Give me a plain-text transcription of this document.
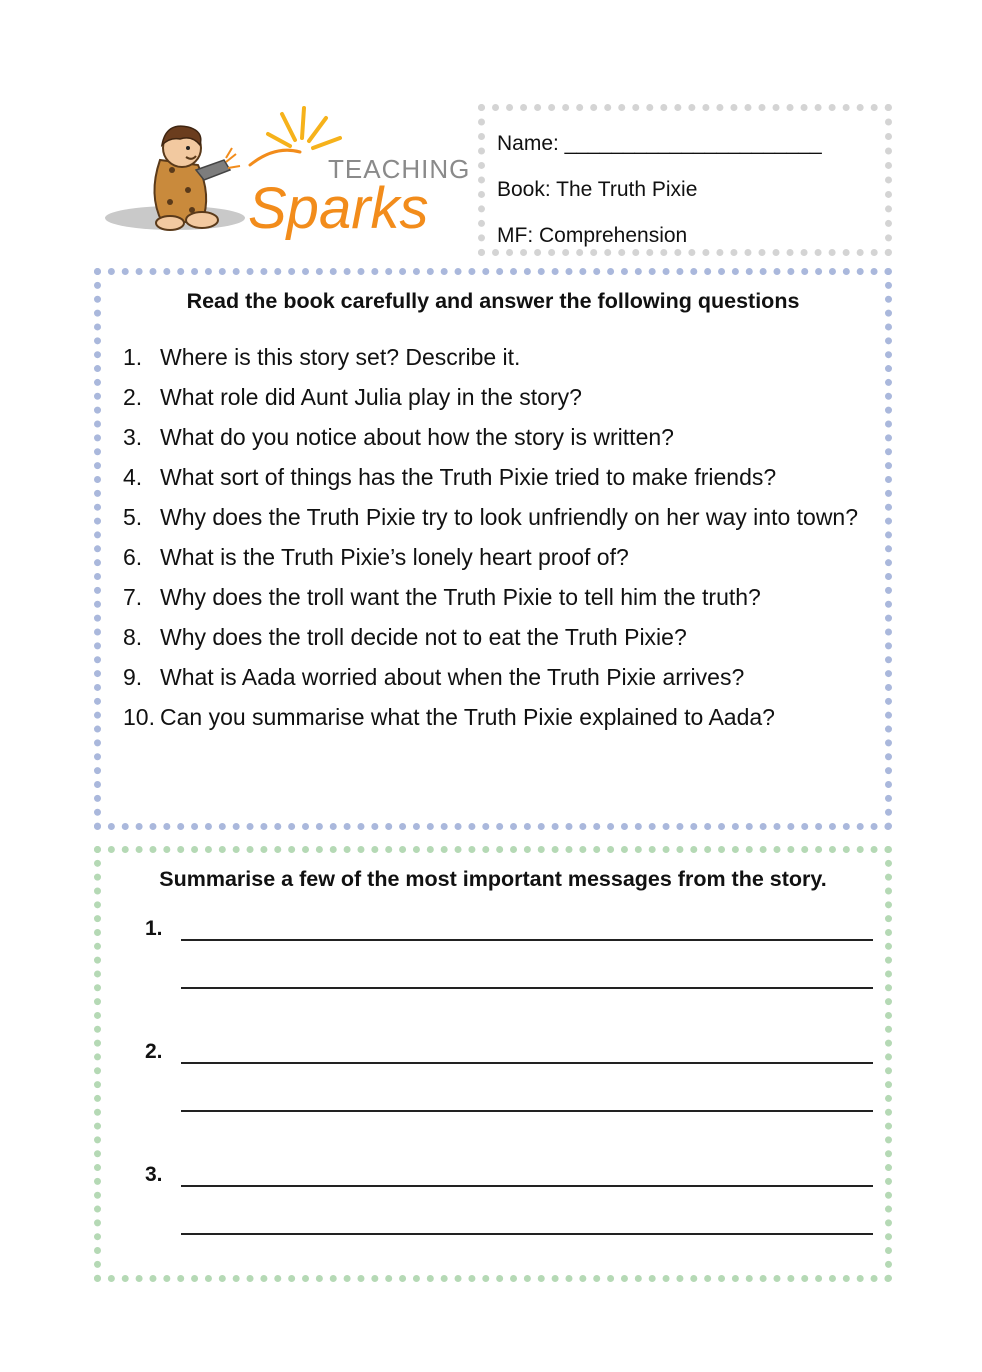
TEACHING
Sparks
Name: ______________________
Book: The Truth Pixie
MF: Comprehension
Read the book carefully and answer the following questions
1. Where is this story set? Describe it.
2. What role did Aunt Julia play in the story?
3. What do you notice about how the story is written?
4. What sort of things has the Truth Pixie tried to make friends?
5. Why does the Truth Pixie try to look unfriendly on her way into town?
6. What is the Truth Pixie’s lonely heart proof of?
7. Why does the troll want the Truth Pixie to tell him the truth?
8. Why does the troll decide not to eat the Truth Pixie?
9. What is Aada worried about when the Truth Pixie arrives?
10. Can you summarise what the Truth Pixie explained to Aada?
Summarise a few of the most important messages from the story.
1.
2.
3.
